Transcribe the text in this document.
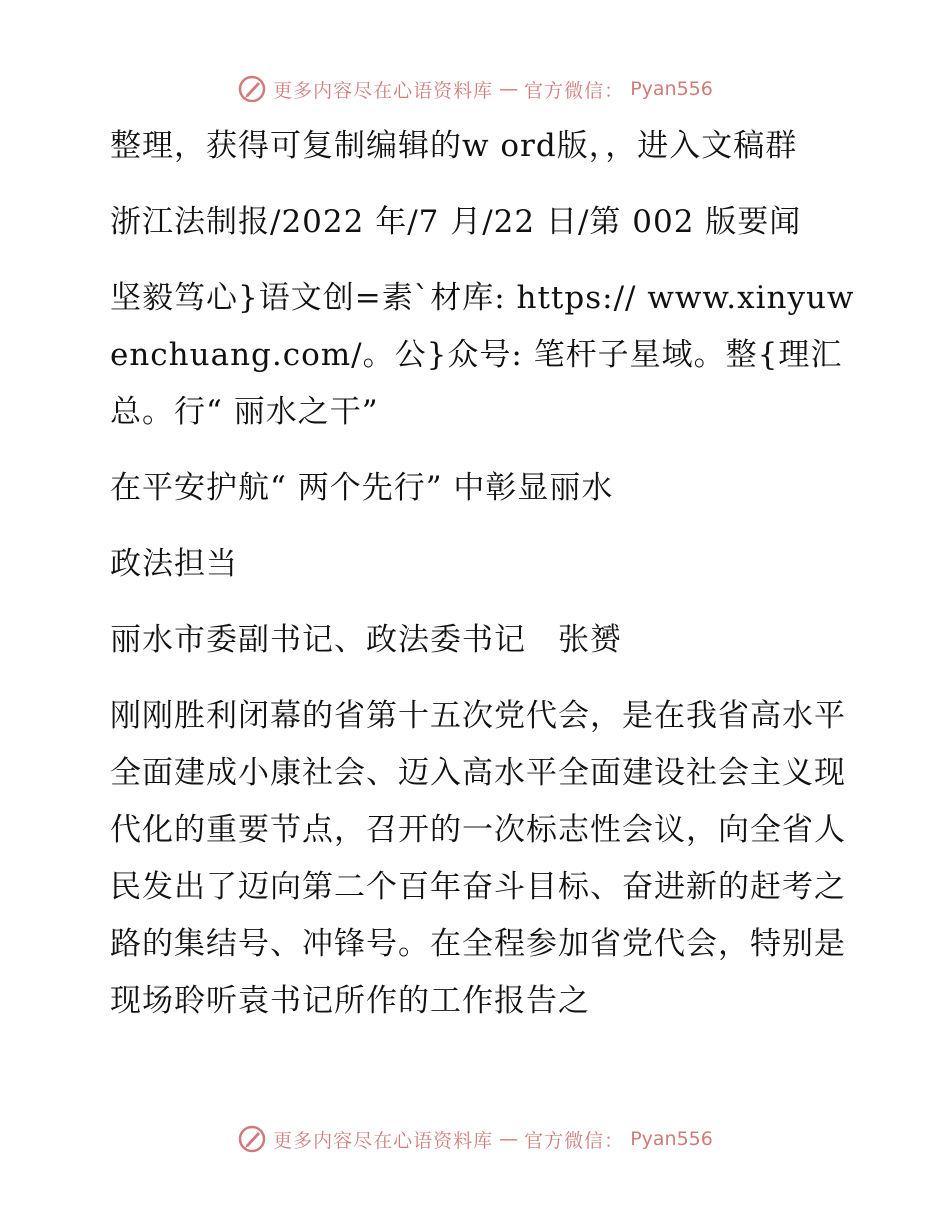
更多内容尽在心语资料库 — 官方微信： Pyan556

整理，获得可复制编辑的w ord版，，进入文稿群

浙江法制报/2022 年/7 月/22 日/第 002 版要闻

坚毅笃心}语文创=素`材库: https:// www.xinyuwenchuang.com/。公}众号: 笔杆子星域。整{理汇总。行“ 丽水之干”

在平安护航“ 两个先行” 中彰显丽水

政法担当

丽水市委副书记、政法委书记　张赟

刚刚胜利闭幕的省第十五次党代会，是在我省高水平全面建成小康社会、迈入高水平全面建设社会主义现代化的重要节点，召开的一次标志性会议，向全省人民发出了迈向第二个百年奋斗目标、奋进新的赶考之路的集结号、冲锋号。在全程参加省党代会，特别是现场聆听袁书记所作的工作报告之

更多内容尽在心语资料库 — 官方微信： Pyan556
